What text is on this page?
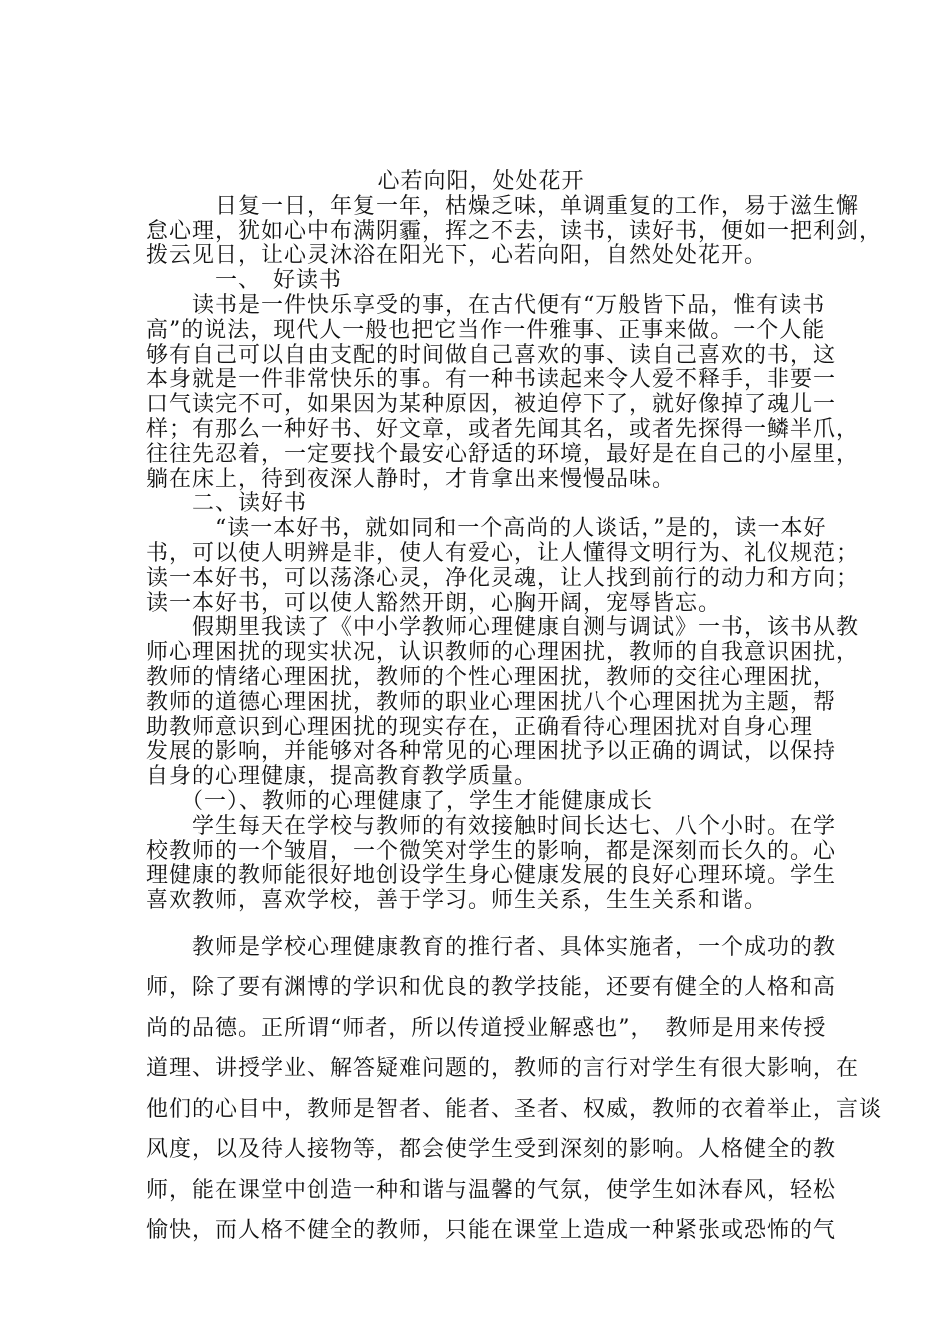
心若向阳，处处花开
　　　日复一日，年复一年，枯燥乏味，单调重复的工作，易于滋生懈
怠心理，犹如心中布满阴霾，挥之不去，读书，读好书，便如一把利剑，
拨云见日，让心灵沐浴在阳光下，心若向阳，自然处处花开。
　　　一、　好读书
　　读书是一件快乐享受的事，在古代便有“万般皆下品，惟有读书
高”的说法，现代人一般也把它当作一件雅事、正事来做。一个人能
够有自己可以自由支配的时间做自己喜欢的事、读自己喜欢的书，这
本身就是一件非常快乐的事。有一种书读起来令人爱不释手，非要一
口气读完不可，如果因为某种原因，被迫停下了，就好像掉了魂儿一
样；有那么一种好书、好文章，或者先闻其名，或者先探得一鳞半爪，
往往先忍着，一定要找个最安心舒适的环境，最好是在自己的小屋里，
躺在床上，待到夜深人静时，才肯拿出来慢慢品味。
　　二、读好书
　　　“读一本好书，就如同和一个高尚的人谈话，”是的，读一本好
书，可以使人明辨是非，使人有爱心，让人懂得文明行为、礼仪规范；
读一本好书，可以荡涤心灵，净化灵魂，让人找到前行的动力和方向；
读一本好书，可以使人豁然开朗，心胸开阔，宠辱皆忘。
　　假期里我读了《中小学教师心理健康自测与调试》一书，该书从教
师心理困扰的现实状况，认识教师的心理困扰，教师的自我意识困扰，
教师的情绪心理困扰，教师的个性心理困扰，教师的交往心理困扰，
教师的道德心理困扰，教师的职业心理困扰八个心理困扰为主题，帮
助教师意识到心理困扰的现实存在，正确看待心理困扰对自身心理
发展的影响，并能够对各种常见的心理困扰予以正确的调试，以保持
自身的心理健康，提高教育教学质量。
　　（一）、教师的心理健康了，学生才能健康成长
　　学生每天在学校与教师的有效接触时间长达七、八个小时。在学
校教师的一个皱眉，一个微笑对学生的影响，都是深刻而长久的。心
理健康的教师能很好地创设学生身心健康发展的良好心理环境。学生
喜欢教师，喜欢学校，善于学习。师生关系，生生关系和谐。
　　教师是学校心理健康教育的推行者、具体实施者，一个成功的教
师，除了要有渊博的学识和优良的教学技能，还要有健全的人格和高
尚的品德。正所谓“师者，所以传道授业解惑也”，　教师是用来传授
道理、讲授学业、解答疑难问题的，教师的言行对学生有很大影响，在
他们的心目中，教师是智者、能者、圣者、权威，教师的衣着举止，言谈
风度，以及待人接物等，都会使学生受到深刻的影响。人格健全的教
师，能在课堂中创造一种和谐与温馨的气氛，使学生如沐春风，轻松
愉快，而人格不健全的教师，只能在课堂上造成一种紧张或恐怖的气
